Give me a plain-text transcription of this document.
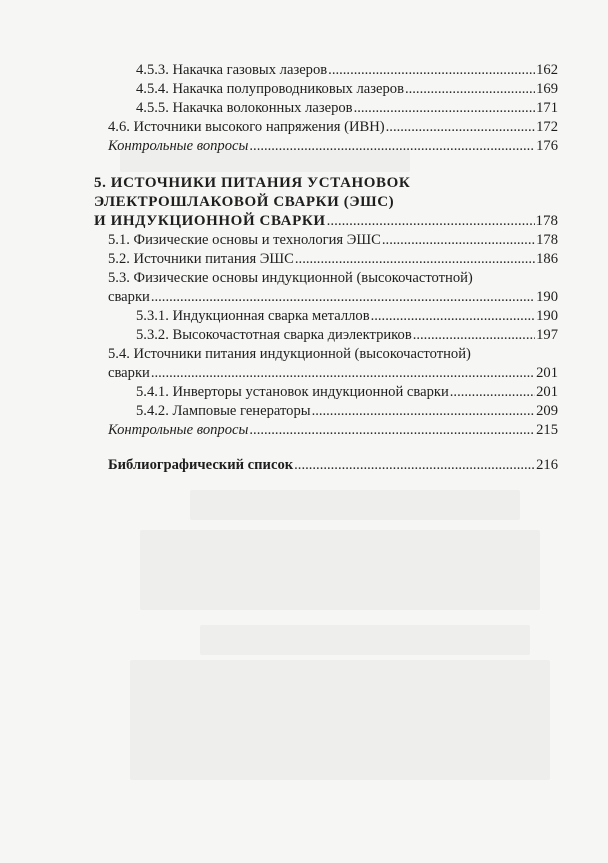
4.5.3. Накачка газовых лазеров .....	162
4.5.4. Накачка полупроводниковых лазеров .....	169
4.5.5. Накачка волоконных лазеров .....	171
4.6. Источники высокого напряжения (ИВН) .....	172
Контрольные вопросы .....	176
5. ИСТОЧНИКИ ПИТАНИЯ УСТАНОВОК
ЭЛЕКТРОШЛАКОВОЙ СВАРКИ (ЭШС)
И ИНДУКЦИОННОЙ СВАРКИ .....	178
5.1. Физические основы и технология ЭШС .....	178
5.2. Источники питания ЭШС .....	186
5.3. Физические основы индукционной (высокочастотной)
сварки .....	190
5.3.1. Индукционная сварка металлов .....	190
5.3.2. Высокочастотная сварка диэлектриков .....	197
5.4. Источники питания индукционной (высокочастотной)
сварки .....	201
5.4.1. Инверторы установок индукционной сварки .....	201
5.4.2. Ламповые генераторы .....	209
Контрольные вопросы .....	215
Библиографический список .....	216
